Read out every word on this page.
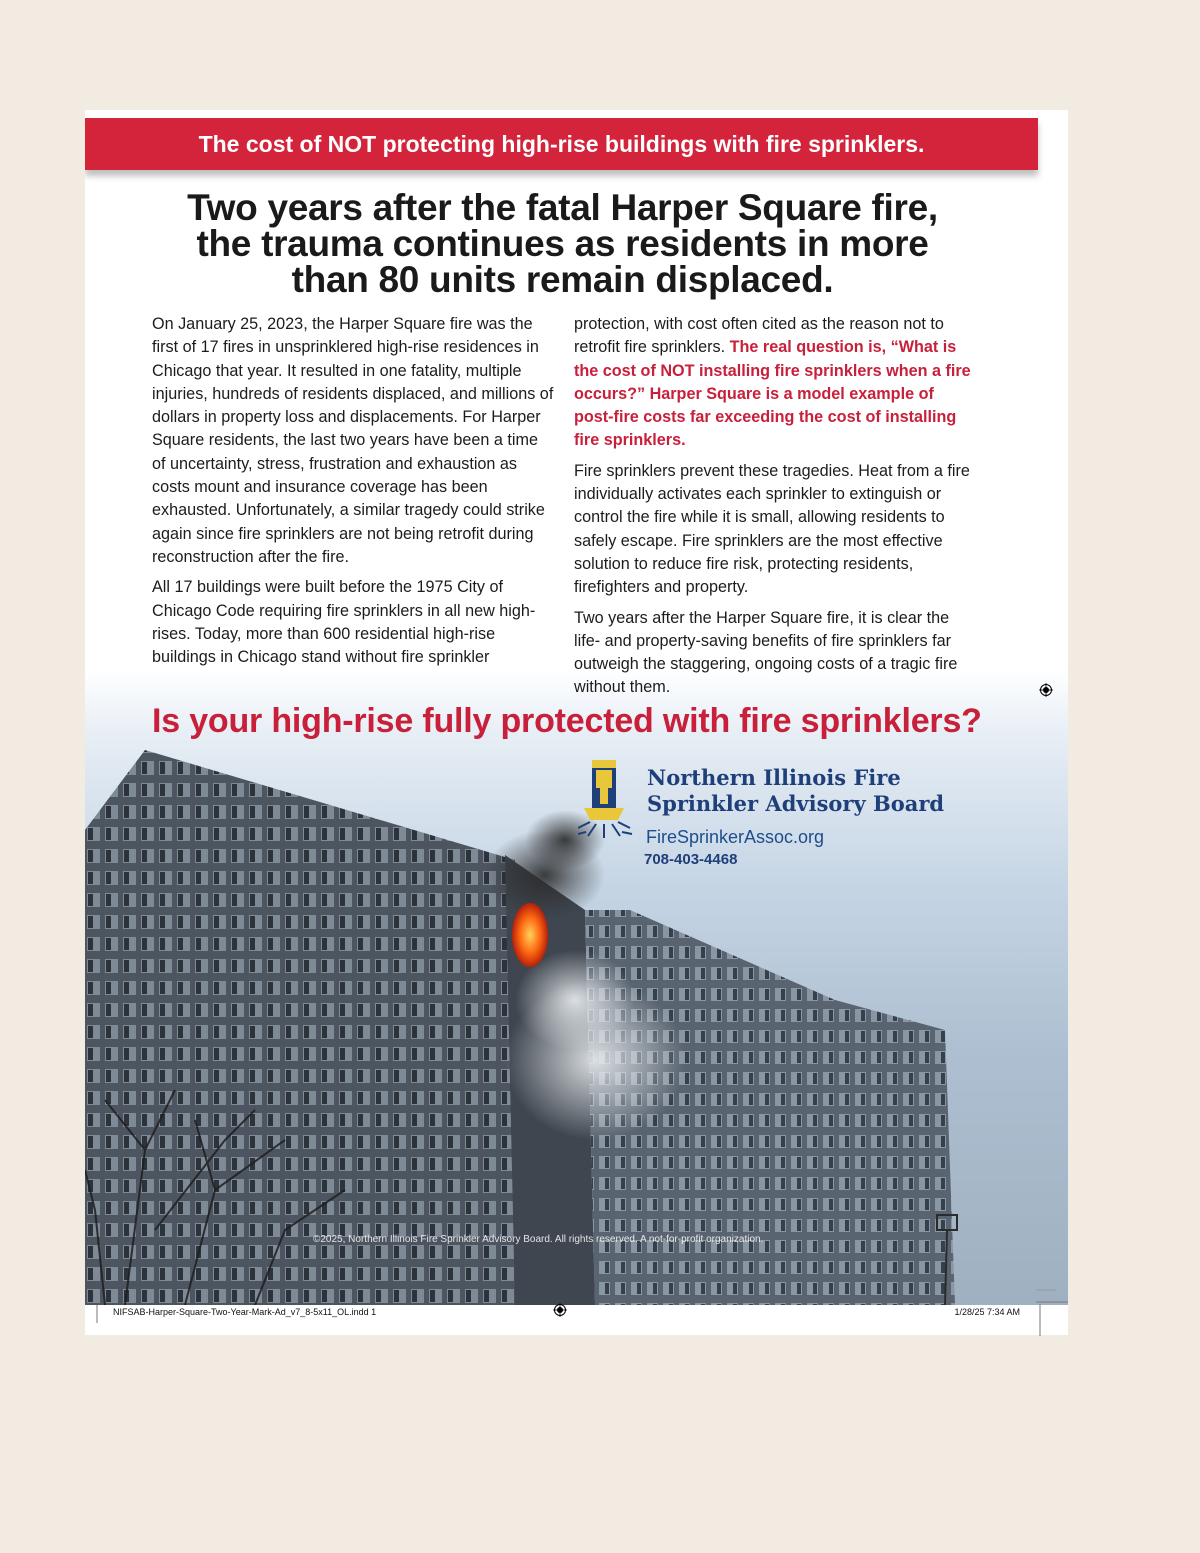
The cost of NOT protecting high-rise buildings with fire sprinklers.
Two years after the fatal Harper Square fire,
the trauma continues as residents in more
than 80 units remain displaced.

On January 25, 2023, the Harper Square fire was the first of 17 fires in unsprinklered high-rise residences in Chicago that year. It resulted in one fatality, multiple injuries, hundreds of residents displaced, and millions of dollars in property loss and displacements. For Harper Square residents, the last two years have been a time of uncertainty, stress, frustration and exhaustion as costs mount and insurance coverage has been exhausted. Unfortunately, a similar tragedy could strike again since fire sprinklers are not being retrofit during reconstruction after the fire.

All 17 buildings were built before the 1975 City of Chicago Code requiring fire sprinklers in all new high-rises. Today, more than 600 residential high-rise buildings in Chicago stand without fire sprinkler

protection, with cost often cited as the reason not to retrofit fire sprinklers. The real question is, “What is the cost of NOT installing fire sprinklers when a fire occurs?” Harper Square is a model example of post-fire costs far exceeding the cost of installing fire sprinklers.

Fire sprinklers prevent these tragedies. Heat from a fire individually activates each sprinkler to extinguish or control the fire while it is small, allowing residents to safely escape. Fire sprinklers are the most effective solution to reduce fire risk, protecting residents, firefighters and property.

Two years after the Harper Square fire, it is clear the life- and property-saving benefits of fire sprinklers far outweigh the staggering, ongoing costs of a tragic fire without them.

Is your high-rise fully protected with fire sprinklers?
Northern Illinois Fire
Sprinkler Advisory Board
FireSprinkerAssoc.org
708-403-4468
©2025, Northern Illinois Fire Sprinkler Advisory Board. All rights reserved. A not-for-profit organization.
NIFSAB-Harper-Square-Two-Year-Mark-Ad_v7_8-5x11_OL.indd 1	1/28/25 7:34 AM
